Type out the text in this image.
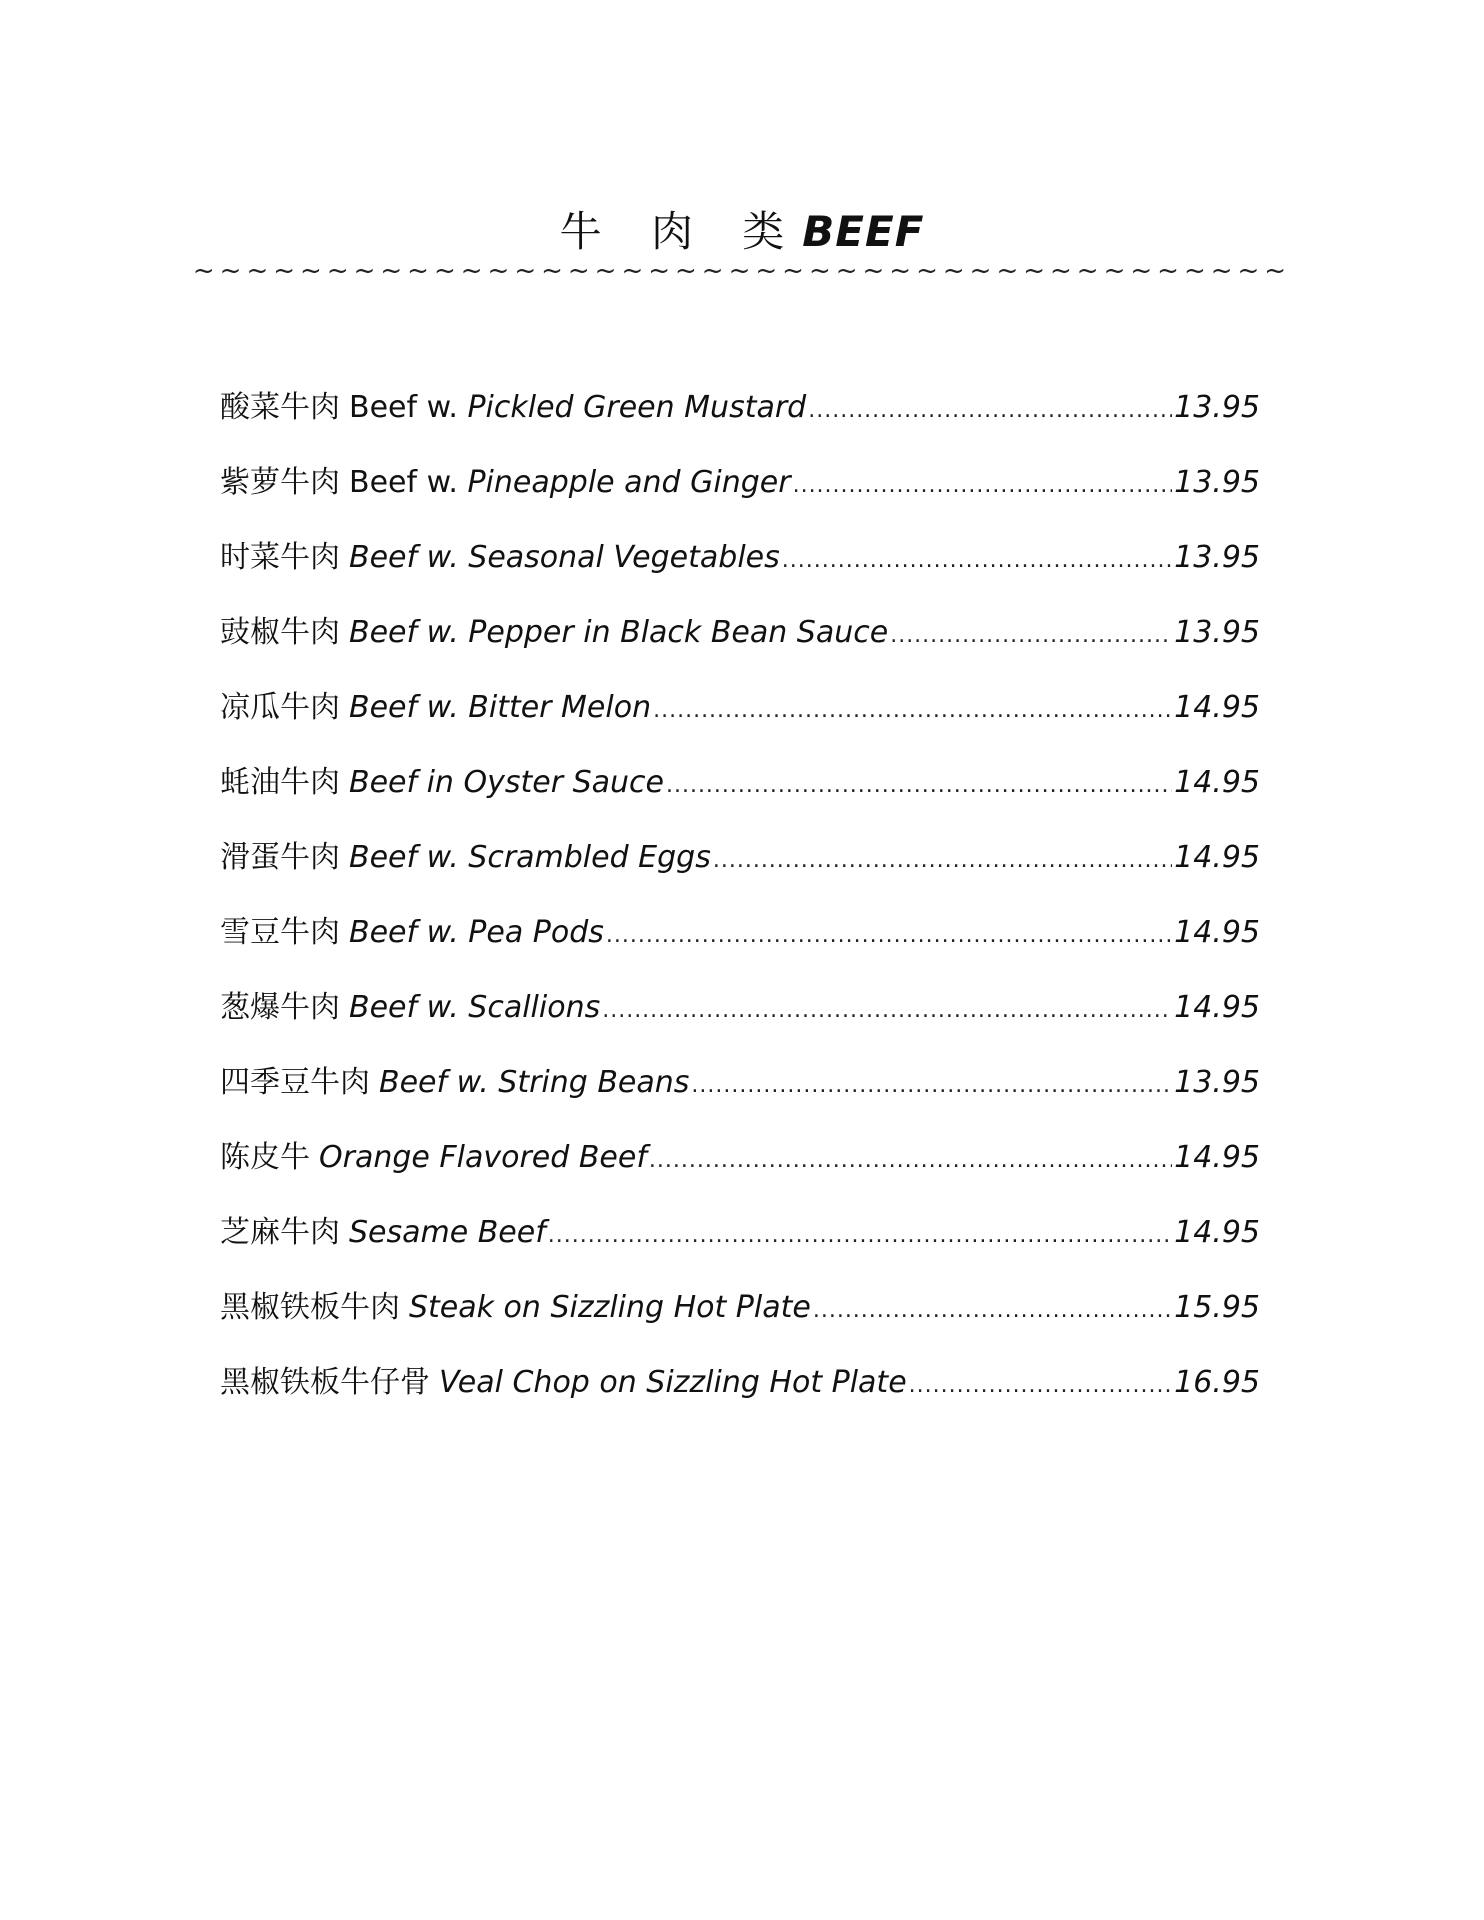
牛 肉 类BEEF
~~~~~~~~~~~~~~~~~~~~~~~~~~~~~~~~~~~~~~~~~
酸菜牛肉 Beef w.
Pickled Green Mustard .....	13.95
紫萝牛肉 Beef w.
Pineapple and Ginger .....	13.95
时菜牛肉 Beef w. Seasonal Vegetables .....	13.95
豉椒牛肉 Beef w. Pepper in Black Bean Sauce .....	13.95
凉瓜牛肉 Beef w. Bitter Melon .....	14.95
蚝油牛肉 Beef in Oyster Sauce .....	14.95
滑蛋牛肉 Beef w. Scrambled Eggs .....	14.95
雪豆牛肉 Beef w. Pea Pods .....	14.95
葱爆牛肉 Beef w. Scallions .....	14.95
四季豆牛肉 Beef w. String Beans .....	13.95
陈皮牛 Orange Flavored Beef .....	14.95
芝麻牛肉 Sesame Beef .....	14.95
黑椒铁板牛肉 Steak on Sizzling Hot Plate .....	15.95
黑椒铁板牛仔骨 Veal Chop on Sizzling Hot Plate .....	16.95
